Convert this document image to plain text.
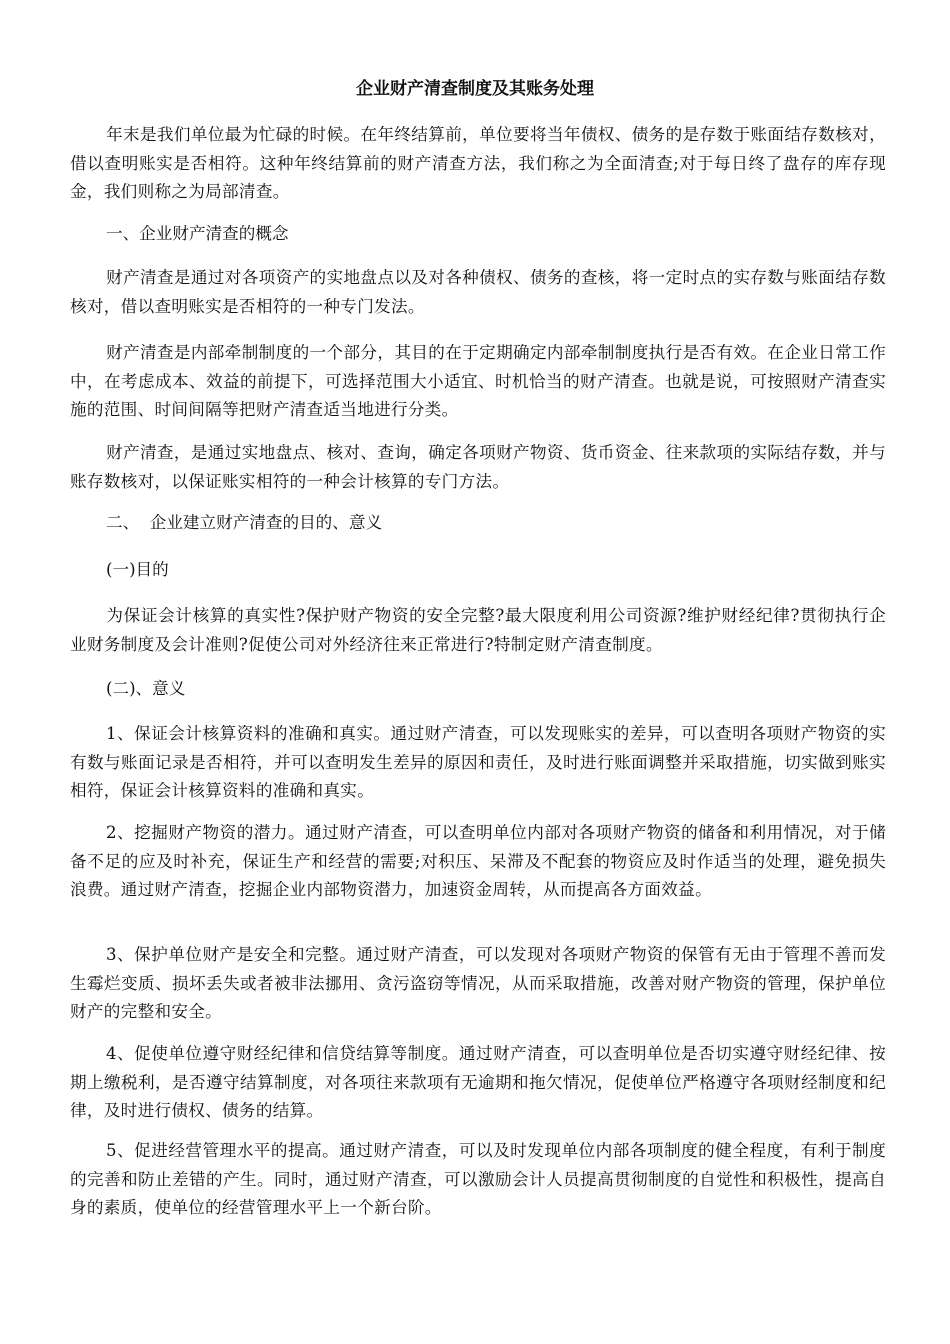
企业财产清查制度及其账务处理

年末是我们单位最为忙碌的时候。在年终结算前，单位要将当年债权、债务的是存数于账面结存数核对，借以查明账实是否相符。这种年终结算前的财产清查方法，我们称之为全面清查;对于每日终了盘存的库存现金，我们则称之为局部清查。

一、企业财产清查的概念

财产清查是通过对各项资产的实地盘点以及对各种债权、债务的查核，将一定时点的实存数与账面结存数核对，借以查明账实是否相符的一种专门发法。

财产清查是内部牵制制度的一个部分，其目的在于定期确定内部牵制制度执行是否有效。在企业日常工作中，在考虑成本、效益的前提下，可选择范围大小适宜、时机恰当的财产清查。也就是说，可按照财产清查实施的范围、时间间隔等把财产清查适当地进行分类。

财产清查，是通过实地盘点、核对、查询，确定各项财产物资、货币资金、往来款项的实际结存数，并与账存数核对，以保证账实相符的一种会计核算的专门方法。

二、  企业建立财产清查的目的、意义

(一)目的

为保证会计核算的真实性?保护财产物资的安全完整?最大限度利用公司资源?维护财经纪律?贯彻执行企业财务制度及会计准则?促使公司对外经济往来正常进行?特制定财产清查制度。

(二)、意义

1、保证会计核算资料的准确和真实。通过财产清查，可以发现账实的差异，可以查明各项财产物资的实有数与账面记录是否相符，并可以查明发生差异的原因和责任，及时进行账面调整并采取措施，切实做到账实相符，保证会计核算资料的准确和真实。

2、挖掘财产物资的潜力。通过财产清查，可以查明单位内部对各项财产物资的储备和利用情况，对于储备不足的应及时补充，保证生产和经营的需要;对积压、呆滞及不配套的物资应及时作适当的处理，避免损失浪费。通过财产清查，挖掘企业内部物资潜力，加速资金周转，从而提高各方面效益。

3、保护单位财产是安全和完整。通过财产清查，可以发现对各项财产物资的保管有无由于管理不善而发生霉烂变质、损坏丢失或者被非法挪用、贪污盗窃等情况，从而采取措施，改善对财产物资的管理，保护单位财产的完整和安全。

4、促使单位遵守财经纪律和信贷结算等制度。通过财产清查，可以查明单位是否切实遵守财经纪律、按期上缴税利，是否遵守结算制度，对各项往来款项有无逾期和拖欠情况，促使单位严格遵守各项财经制度和纪律，及时进行债权、债务的结算。

5、促进经营管理水平的提高。通过财产清查，可以及时发现单位内部各项制度的健全程度，有利于制度的完善和防止差错的产生。同时，通过财产清查，可以激励会计人员提高贯彻制度的自觉性和积极性，提高自身的素质，使单位的经营管理水平上一个新台阶。
